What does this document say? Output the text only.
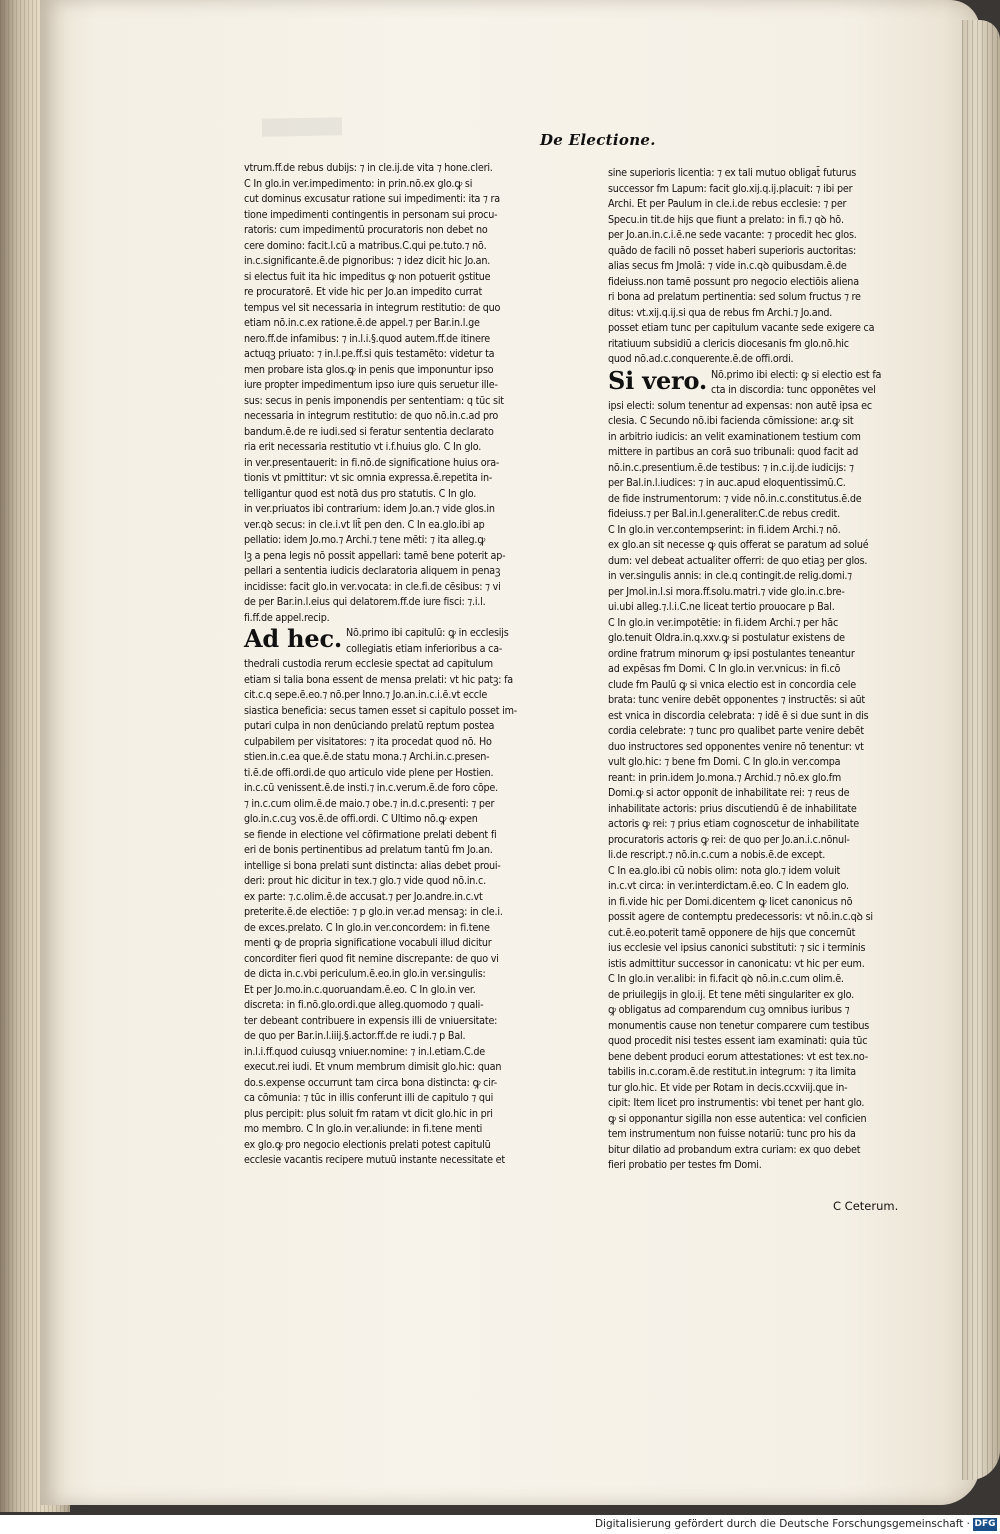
De Electione.
vtrum.ff.de rebus dubijs: ⁊ in cle.ij.de vita ⁊ hone.cleri.
C In glo.in ver.impedimento: in prin.nō.ex glo.ꝙ si
cut dominus excusatur ratione sui impedimenti: ita ⁊ ra
tione impedimenti contingentis in personam sui procu-
ratoris: cum impedimentū procuratoris non debet no
cere domino: facit.l.cū a matribus.C.qui pe.tuto.⁊ nō.
in.c.significante.ē.de pignoribus: ⁊ idez dicit hic Jo.an.
si electus fuit ita hic impeditus ꝙ non potuerit ꝯstitue
re procuratorē. Et vide hic per Jo.an impedito currat
tempus vel sit necessaria in integrum restitutio: de quo
etiam nō.in.c.ex ratione.ē.de appel.⁊ per Bar.in.l.ge
nero.ff.de infamibus: ⁊ in.l.i.§.quod autem.ff.de itinere
actuqꝫ priuato: ⁊ in.l.pe.ff.si quis testamēto: videtur ta
men probare ista glos.ꝙ in penis que imponuntur ipso
iure propter impedimentum ipso iure quis seruetur ille-
sus: secus in penis imponendis per sententiam: q tūc sit
necessaria in integrum restitutio: de quo nō.in.c.ad pro
bandum.ē.de re iudi.sed si feratur sententia declarato
ria erit necessaria restitutio vt i.f.huius glo. C In glo.
in ver.presentauerit: in fi.nō.de significatione huius ora-
tionis vt pmittitur: vt sic omnia expressa.ē.repetita in-
telligantur quod est notā dus pro statutis. C In glo.
in ver.priuatos ibi contrarium: idem Jo.an.⁊ vide glos.in
ver.qꝺ secus: in cle.i.vt lit̄ pen den. C In ea.glo.ibi ap
pellatio: idem Jo.mo.⁊ Archi.⁊ tene mēti: ⁊ ita alleg.ꝙ
lꝫ a pena legis nō possit appellari: tamē bene poterit ap-
pellari a sententia iudicis declaratoria aliquem in penaꝫ
incidisse: facit glo.in ver.vocata: in cle.fi.de cēsibus: ⁊ vi
de per Bar.in.l.eius qui delatorem.ff.de iure fisci: ⁊.i.l.
fi.ff.de appel.recip.
Ad hec. Nō.primo ibi capitulū: ꝙ in ecclesijs
collegiatis etiam inferioribus a ca-
thedrali custodia rerum ecclesie spectat ad capitulum
etiam si talia bona essent de mensa prelati: vt hic patꝫ: fa
cit.c.q sepe.ē.eo.⁊ nō.per Inno.⁊ Jo.an.in.c.i.ē.vt eccle
siastica beneficia: secus tamen esset si capitulo posset im-
putari culpa in non denūciando prelatū reptum postea
culpabilem per visitatores: ⁊ ita procedat quod nō. Ho
stien.in.c.ea que.ē.de statu mona.⁊ Archi.in.c.presen-
ti.ē.de offi.ordi.de quo articulo vide plene per Hostien.
in.c.cū venissent.ē.de insti.⁊ in.c.verum.ē.de foro cōpe.
⁊ in.c.cum olim.ē.de maio.⁊ obe.⁊ in.d.c.presenti: ⁊ per
glo.in.c.cuꝫ vos.ē.de offi.ordi. C Ultimo nō.ꝙ expen
se fiende in electione vel cōfirmatione prelati debent fi
eri de bonis pertinentibus ad prelatum tantū fm Jo.an.
intellige si bona prelati sunt distincta: alias debet proui-
deri: prout hic dicitur in tex.⁊ glo.⁊ vide quod nō.in.c.
ex parte: ⁊.c.olim.ē.de accusat.⁊ per Jo.andre.in.c.vt
preterite.ē.de electiōe: ⁊ p glo.in ver.ad mensaꝫ: in cle.i.
de exces.prelato. C In glo.in ver.concordem: in fi.tene
menti ꝙ de propria significatione vocabuli illud dicitur
concorditer fieri quod fit nemine discrepante: de quo vi
de dicta in.c.vbi periculum.ē.eo.in glo.in ver.singulis:
Et per Jo.mo.in.c.quoruandam.ē.eo. C In glo.in ver.
discreta: in fi.nō.glo.ordi.que alleg.quomodo ⁊ quali-
ter debeant contribuere in expensis illi de vniuersitate:
de quo per Bar.in.l.iiij.§.actor.ff.de re iudi.⁊ p Bal.
in.l.i.ff.quod cuiusqꝫ vniuer.nomine: ⁊ in.l.etiam.C.de
execut.rei iudi. Et vnum membrum dimisit glo.hic: quan
do.s.expense occurrunt tam circa bona distincta: ꝙ cir-
ca cōmunia: ⁊ tūc in illis conferunt illi de capitulo ⁊ qui
plus percipit: plus soluit fm ratam vt dicit glo.hic in pri
mo membro. C In glo.in ver.aliunde: in fi.tene menti
ex glo.ꝙ pro negocio electionis prelati potest capitulū
ecclesie vacantis recipere mutuū instante necessitate et
sine superioris licentia: ⁊ ex tali mutuo obligat̄ futurus
successor fm Lapum: facit glo.xij.q.ij.placuit: ⁊ ibi per
Archi. Et per Paulum in cle.i.de rebus ecclesie: ⁊ per
Specu.in tit.de hijs que fiunt a prelato: in fi.⁊ qꝺ hō.
per Jo.an.in.c.i.ē.ne sede vacante: ⁊ procedit hec glos.
quādo de facili nō posset haberi superioris auctoritas:
alias secus fm Jmolā: ⁊ vide in.c.qꝺ quibusdam.ē.de
fideiuss.non tamē possunt pro negocio electiōis aliena
ri bona ad prelatum pertinentia: sed solum fructus ⁊ re
ditus: vt.xij.q.ij.si qua de rebus fm Archi.⁊ Jo.and.
posset etiam tunc per capitulum vacante sede exigere ca
ritatiuum subsidiū a clericis diocesanis fm glo.nō.hic
quod nō.ad.c.conquerente.ē.de offi.ordi.
Si vero. Nō.primo ibi electi: ꝙ si electio est fa
cta in discordia: tunc opponētes vel
ipsi electi: solum tenentur ad expensas: non autē ipsa ec
clesia. C Secundo nō.ibi facienda cōmissione: ar.ꝙ sit
in arbitrio iudicis: an velit examinationem testium com
mittere in partibus an corā suo tribunali: quod facit ad
nō.in.c.presentium.ē.de testibus: ⁊ in.c.ij.de iudicijs: ⁊
per Bal.in.l.iudices: ⁊ in auc.apud eloquentissimū.C.
de fide instrumentorum: ⁊ vide nō.in.c.constitutus.ē.de
fideiuss.⁊ per Bal.in.l.generaliter.C.de rebus credit.
C In glo.in ver.contempserint: in fi.idem Archi.⁊ nō.
ex glo.an sit necesse ꝙ quis offerat se paratum ad solué
dum: vel debeat actualiter offerri: de quo etiaꝫ per glos.
in ver.singulis annis: in cle.q contingit.de relig.domi.⁊
per Jmol.in.l.si mora.ff.solu.matri.⁊ vide glo.in.c.bre-
ui.ubi alleg.⁊.l.i.C.ne liceat tertio prouocare p Bal.
C In glo.in ver.impotētie: in fi.idem Archi.⁊ per hāc
glo.tenuit Oldra.in.q.xxv.ꝙ si postulatur existens de
ordine fratrum minorum ꝙ ipsi postulantes teneantur
ad expēsas fm Domi. C In glo.in ver.vnicus: in fi.cō
clude fm Paulū ꝙ si vnica electio est in concordia cele
brata: tunc venire debēt opponentes ⁊ instructēs: si aūt
est vnica in discordia celebrata: ⁊ idē ē si due sunt in dis
cordia celebrate: ⁊ tunc pro qualibet parte venire debēt
duo instructores sed opponentes venire nō tenentur: vt
vult glo.hic: ⁊ bene fm Domi. C In glo.in ver.compa
reant: in prin.idem Jo.mona.⁊ Archid.⁊ nō.ex glo.fm
Domi.ꝙ si actor opponit de inhabilitate rei: ⁊ reus de
inhabilitate actoris: prius discutiendū ē de inhabilitate
actoris ꝙ rei: ⁊ prius etiam cognoscetur de inhabilitate
procuratoris actoris ꝙ rei: de quo per Jo.an.i.c.nōnul-
li.de rescript.⁊ nō.in.c.cum a nobis.ē.de except.
C In ea.glo.ibi cū nobis olim: nota glo.⁊ idem voluit
in.c.vt circa: in ver.interdictam.ē.eo. C In eadem glo.
in fi.vide hic per Domi.dicentem ꝙ licet canonicus nō
possit agere de contemptu predecessoris: vt nō.in.c.qꝺ si
cut.ē.eo.poterit tamē opponere de hijs que concernūt
ius ecclesie vel ipsius canonici substituti: ⁊ sic i terminis
istis admittitur successor in canonicatu: vt hic per eum.
C In glo.in ver.alibi: in fi.facit qꝺ nō.in.c.cum olim.ē.
de priuilegijs in glo.ij. Et tene mēti singulariter ex glo.
ꝙ obligatus ad comparendum cuꝫ omnibus iuribus ⁊
monumentis cause non tenetur comparere cum testibus
quod procedit nisi testes essent iam examinati: quia tūc
bene debent produci eorum attestationes: vt est tex.no-
tabilis in.c.coram.ē.de restitut.in integrum: ⁊ ita limita
tur glo.hic. Et vide per Rotam in decis.ccxviij.que in-
cipit: Item licet pro instrumentis: vbi tenet per hant glo.
ꝙ si opponantur sigilla non esse autentica: vel conficien
tem instrumentum non fuisse notariū: tunc pro his da
bitur dilatio ad probandum extra curiam: ex quo debet
fieri probatio per testes fm Domi.
C Ceterum.
Digitalisierung gefördert durch die Deutsche Forschungsgemeinschaft · DFG
